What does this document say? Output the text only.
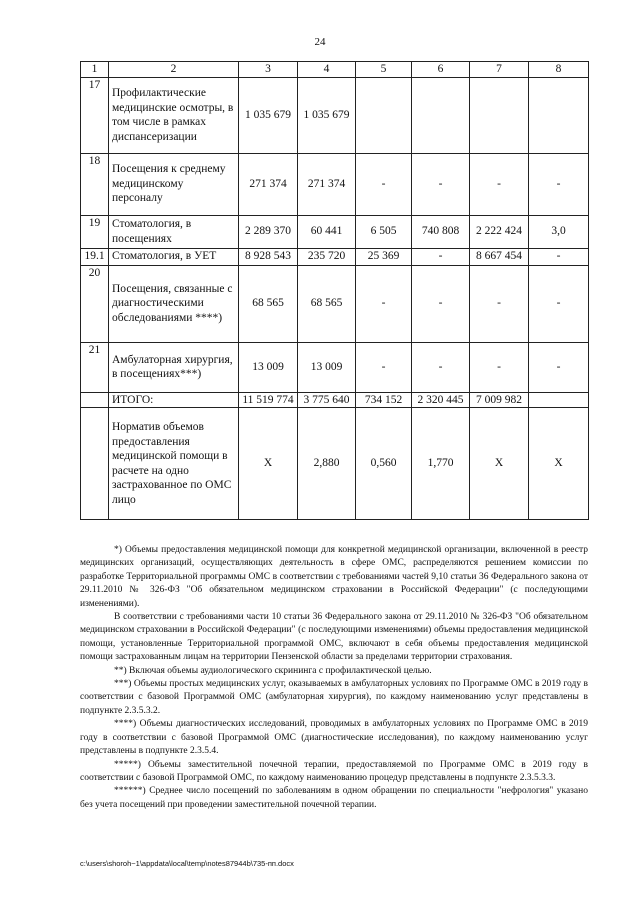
24
1	2	3	4	5	6	7	8
17	Профилактические медицинские осмотры, в том числе в рамках диспансеризации	1 035 679	1 035 679				
18	Посещения к среднему медицинскому персоналу	271 374	271 374	-	-	-	-
19	Стоматология, в посещениях	2 289 370	60 441	6 505	740 808	2 222 424	3,0
19.1	Стоматология, в УЕТ	8 928 543	235 720	25 369	-	8 667 454	-
20	Посещения, связанные с диагностическими обследованиями ****)	68 565	68 565	-	-	-	-
21	Амбулаторная хирургия, в посещениях***)	13 009	13 009	-	-	-	-
	ИТОГО:	11 519 774	3 775 640	734 152	2 320 445	7 009 982	
	Норматив объемов предоставления медицинской помощи в расчете на одно застрахованное по ОМС лицо	X	2,880	0,560	1,770	X	X

*) Объемы предоставления медицинской помощи для конкретной медицинской организации, включенной в реестр медицинских организаций, осуществляющих деятельность в сфере ОМС, распределяются решением комиссии по разработке Территориальной программы ОМС в соответствии с требованиями частей 9,10 статьи 36 Федерального закона от 29.11.2010 № 326-ФЗ "Об обязательном медицинском страховании в Российской Федерации" (с последующими изменениями).

В соответствии с требованиями части 10 статьи 36 Федерального закона от 29.11.2010 № 326-ФЗ "Об обязательном медицинском страховании в Российской Федерации" (с последующими изменениями) объемы предоставления медицинской помощи, установленные Территориальной программой ОМС, включают в себя объемы предоставления медицинской помощи застрахованным лицам на территории Пензенской области за пределами территории страхования.

**) Включая объемы аудиологического скрининга с профилактической целью.

***) Объемы простых медицинских услуг, оказываемых в амбулаторных условиях по Программе ОМС в 2019 году в соответствии с базовой Программой ОМС (амбулаторная хирургия), по каждому наименованию услуг представлены в подпункте 2.3.5.3.2.

****) Объемы диагностических исследований, проводимых в амбулаторных условиях по Программе ОМС в 2019 году в соответствии с базовой Программой ОМС (диагностические исследования), по каждому наименованию услуг представлены в подпункте 2.3.5.4.

*****) Объемы заместительной почечной терапии, предоставляемой по Программе ОМС в 2019 году в соответствии с базовой Программой ОМС, по каждому наименованию процедур представлены в подпункте 2.3.5.3.3.

******) Среднее число посещений по заболеваниям в одном обращении по специальности "нефрология" указано без учета посещений при проведении заместительной почечной терапии.

c:\users\shoroh~1\appdata\local\temp\notes87944b\735-пп.docx
